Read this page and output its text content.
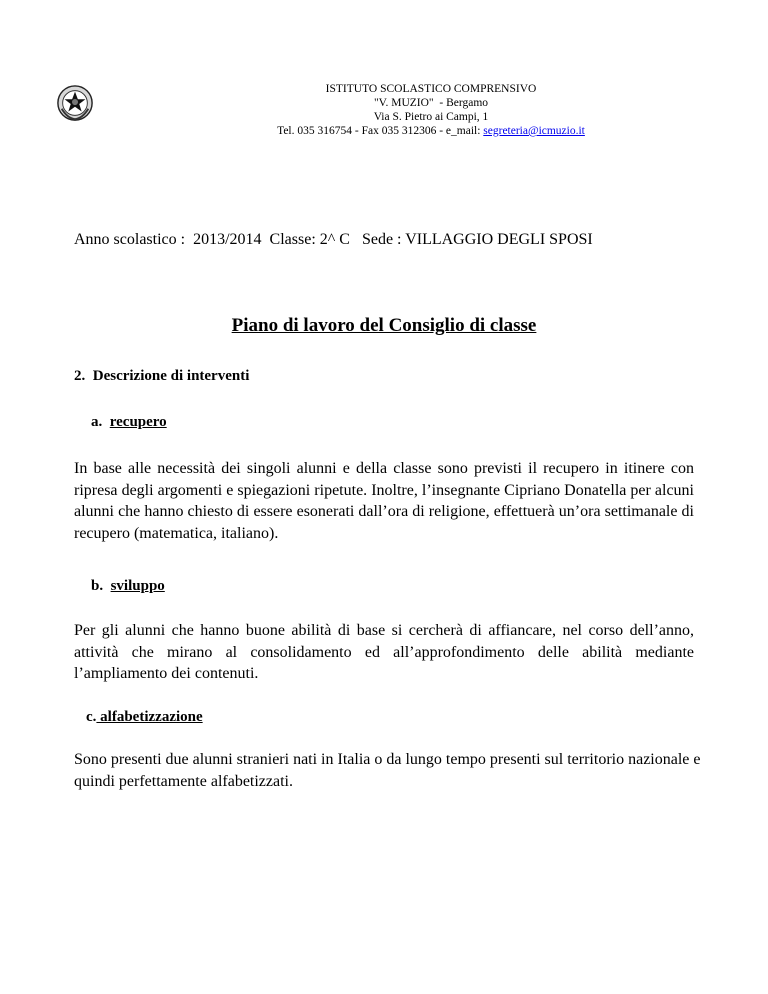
ISTITUTO SCOLASTICO COMPRENSIVO
"V. MUZIO"  - Bergamo
Via S. Pietro ai Campi, 1
Tel. 035 316754 - Fax 035 312306 - e_mail: segreteria@icmuzio.it
Anno scolastico :  2013/2014  Classe: 2^ C   Sede : VILLAGGIO DEGLI SPOSI
Piano di lavoro del Consiglio di classe
2. Descrizione di interventi
a. recupero
In base alle necessità dei singoli alunni e della classe sono previsti il recupero in itinere con ripresa degli argomenti e spiegazioni ripetute. Inoltre, l’insegnante Cipriano Donatella per alcuni alunni che hanno chiesto di essere esonerati dall’ora di religione, effettuerà un’ora settimanale di recupero (matematica, italiano).
b. sviluppo
Per gli alunni che hanno buone abilità di base si cercherà di affiancare, nel corso dell’anno, attività che mirano al consolidamento ed all’approfondimento delle abilità mediante l’ampliamento dei contenuti.
c. alfabetizzazione
Sono presenti due alunni stranieri nati in Italia o da lungo tempo presenti sul territorio nazionale e quindi perfettamente alfabetizzati.
